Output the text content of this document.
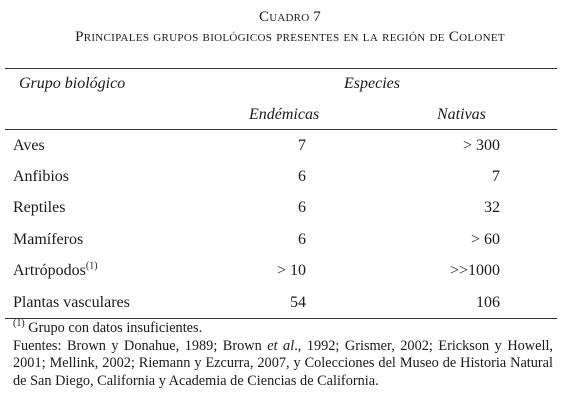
Cuadro 7
Principales grupos biológicos presentes en la región de Colonet
Grupo biológico	Especies
Endémicas	Nativas
Aves	7		> 300	
Anfibios	6		7	
Reptiles	6		32	
Mamíferos	6		> 60	
Artrópodos$^{(1)}$	> 10		>>1000	
Plantas vasculares	54		106	

$^{(1)}$ Grupo con datos insuficientes.

Fuentes: Brown y Donahue, 1989; Brown et al., 1992; Grismer, 2002; Erickson y Howell, 2001; Mellink, 2002; Riemann y Ezcurra, 2007, y Colecciones del Museo de Historia Natural de San Diego, California y Academia de Ciencias de California.
